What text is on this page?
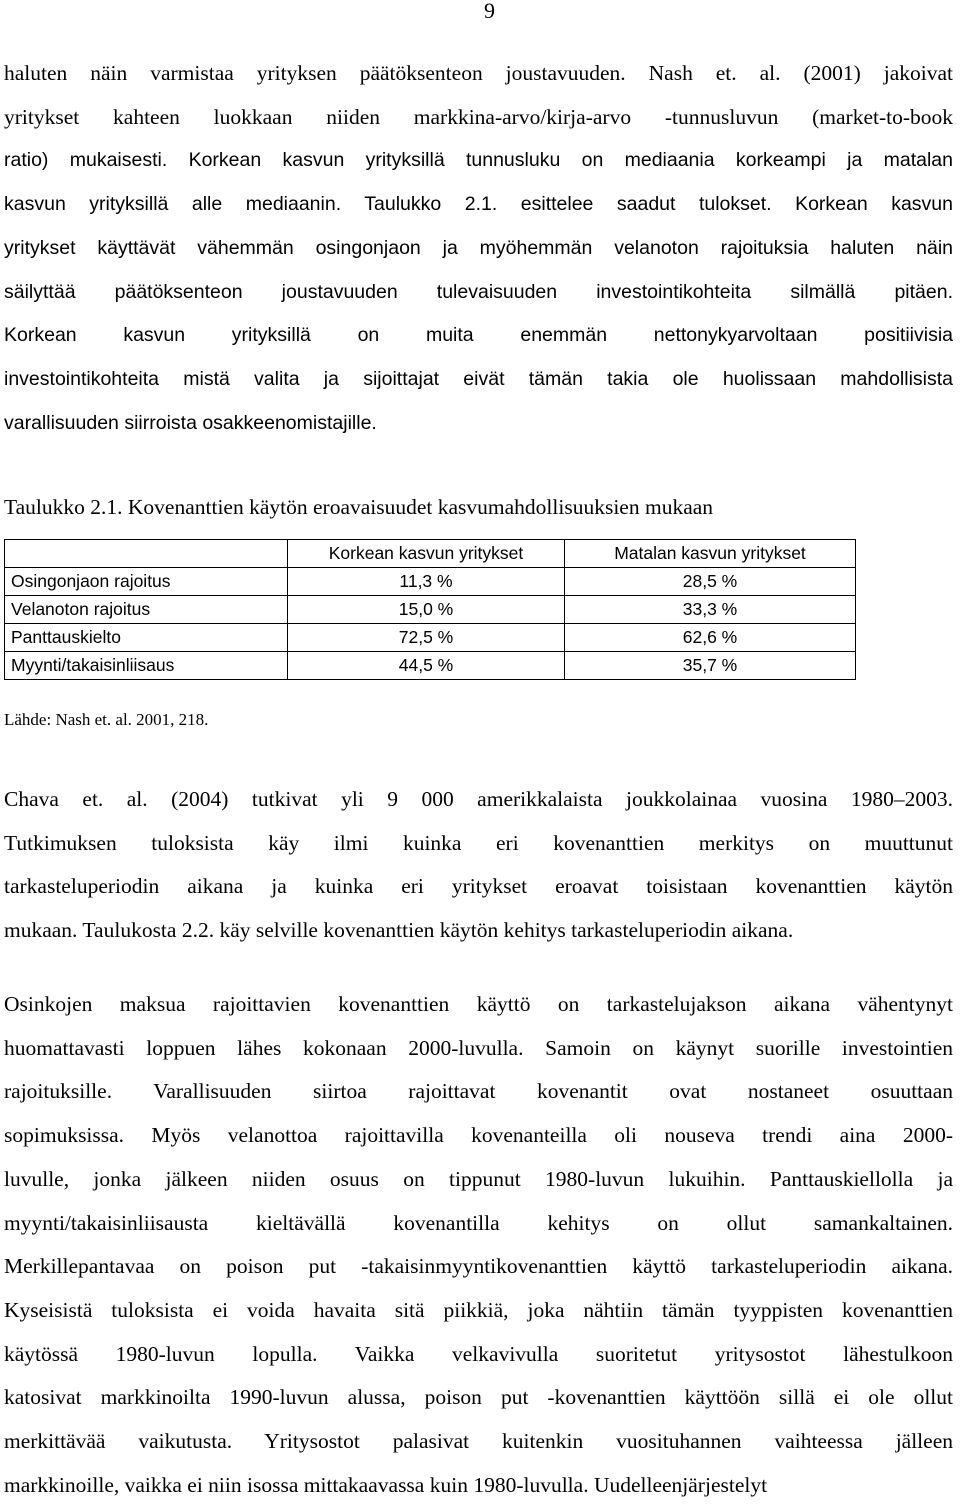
9
haluten näin varmistaa yrityksen päätöksenteon joustavuuden. Nash et. al. (2001) jakoivat
yritykset kahteen luokkaan niiden markkina-arvo/kirja-arvo -tunnusluvun (market-to-book
ratio) mukaisesti. Korkean kasvun yrityksillä tunnusluku on mediaania korkeampi ja matalan
kasvun yrityksillä alle mediaanin. Taulukko 2.1. esittelee saadut tulokset. Korkean kasvun
yritykset käyttävät vähemmän osingonjaon ja myöhemmän velanoton rajoituksia haluten näin
säilyttää päätöksenteon joustavuuden tulevaisuuden investointikohteita silmällä pitäen.
Korkean kasvun yrityksillä on muita enemmän nettonykyarvoltaan positiivisia
investointikohteita mistä valita ja sijoittajat eivät tämän takia ole huolissaan mahdollisista
varallisuuden siirroista osakkeenomistajille.

Taulukko 2.1. Kovenanttien käytön eroavaisuudet kasvumahdollisuuksien mukaan

	Korkean kasvun yritykset	Matalan kasvun yritykset
Osingonjaon rajoitus	11,3 %	28,5 %
Velanoton rajoitus	15,0 %	33,3 %
Panttauskielto	72,5 %	62,6 %
Myynti/takaisinliisaus	44,5 %	35,7 %

Lähde: Nash et. al. 2001, 218.

Chava et. al. (2004) tutkivat yli 9 000 amerikkalaista joukkolainaa vuosina 1980–2003.
Tutkimuksen tuloksista käy ilmi kuinka eri kovenanttien merkitys on muuttunut
tarkasteluperiodin aikana ja kuinka eri yritykset eroavat toisistaan kovenanttien käytön
mukaan. Taulukosta 2.2. käy selville kovenanttien käytön kehitys tarkasteluperiodin aikana.
Osinkojen maksua rajoittavien kovenanttien käyttö on tarkastelujakson aikana vähentynyt
huomattavasti loppuen lähes kokonaan 2000-luvulla. Samoin on käynyt suorille investointien
rajoituksille. Varallisuuden siirtoa rajoittavat kovenantit ovat nostaneet osuuttaan
sopimuksissa. Myös velanottoa rajoittavilla kovenanteilla oli nouseva trendi aina 2000-
luvulle, jonka jälkeen niiden osuus on tippunut 1980-luvun lukuihin. Panttauskiellolla ja
myynti/takaisinliisausta kieltävällä kovenantilla kehitys on ollut samankaltainen.
Merkillepantavaa on poison put -takaisinmyyntikovenanttien käyttö tarkasteluperiodin aikana.
Kyseisistä tuloksista ei voida havaita sitä piikkiä, joka nähtiin tämän tyyppisten kovenanttien
käytössä 1980-luvun lopulla. Vaikka velkavivulla suoritetut yritysostot lähestulkoon
katosivat markkinoilta 1990-luvun alussa, poison put -kovenanttien käyttöön sillä ei ole ollut
merkittävää vaikutusta. Yritysostot palasivat kuitenkin vuosituhannen vaihteessa jälleen
markkinoille, vaikka ei niin isossa mittakaavassa kuin 1980-luvulla. Uudelleenjärjestelyt
